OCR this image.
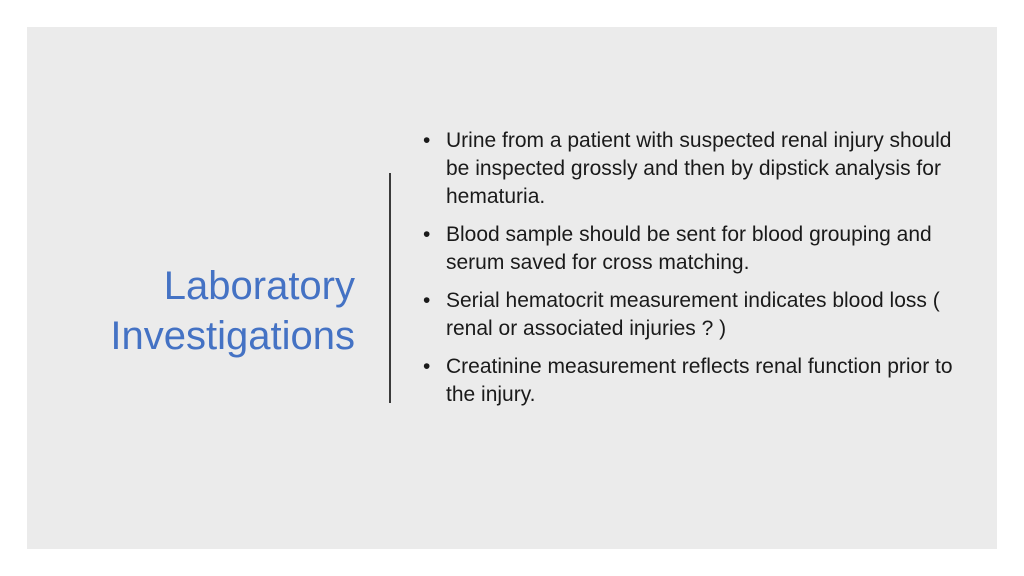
Laboratory
Investigations
• Urine from a patient with suspected renal injury should be inspected grossly and then by dipstick analysis for hematuria.
• Blood sample should be sent for blood grouping and serum saved for cross matching.
• Serial hematocrit measurement indicates blood loss ( renal or associated injuries ? )
• Creatinine measurement reflects renal function prior to the injury.
